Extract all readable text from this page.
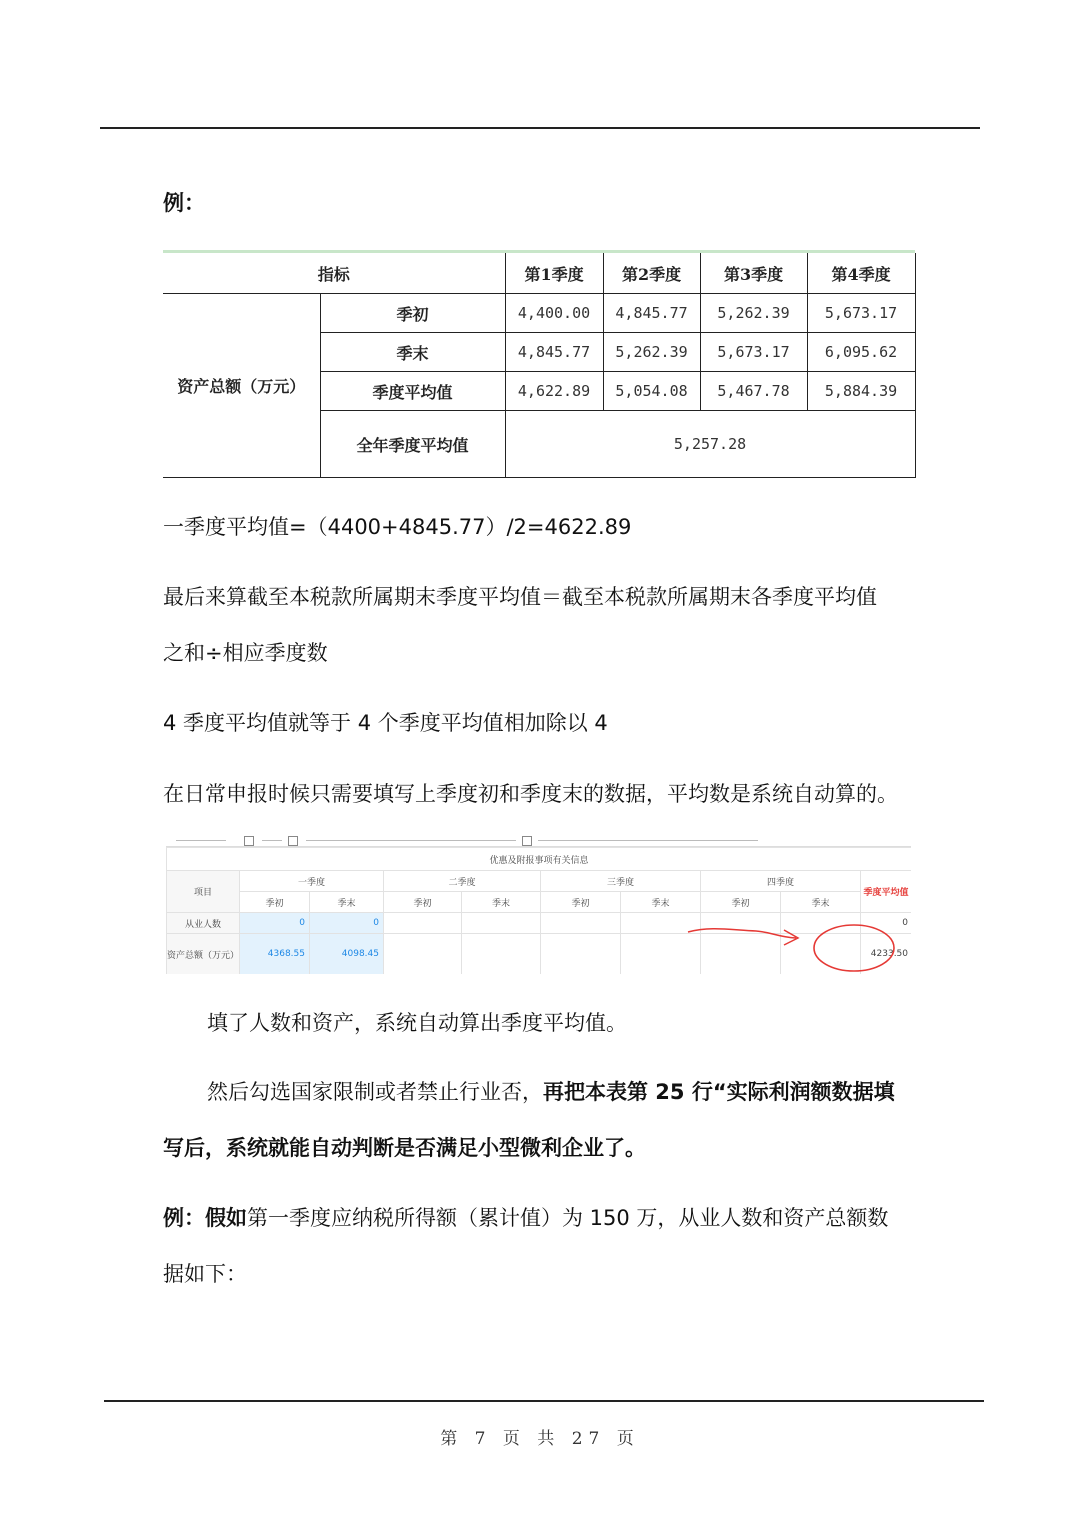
例：
指标		第1季度	第2季度	第3季度	第4季度
资产总额（万元）	季初	4,400.00	4,845.77	5,262.39	5,673.17
	季末	4,845.77	5,262.39	5,673.17	6,095.62
	季度平均值	4,622.89	5,054.08	5,467.78	5,884.39
	全年季度平均值	5,257.28			
一季度平均值=（4400+4845.77）/2=4622.89
最后来算截至本税款所属期末季度平均值＝截至本税款所属期末各季度平均值
之和÷相应季度数
4 季度平均值就等于 4 个季度平均值相加除以 4
在日常申报时候只需要填写上季度初和季度末的数据，平均数是系统自动算的。
优惠及附报事项有关信息									
项目	一季度		二季度		三季度		四季度		季度平均值
	季初	季末	季初	季末	季初	季末	季初	季末	
从业人数	0	0							0
资产总额（万元）	4368.55	4098.45							4233.50
填了人数和资产，系统自动算出季度平均值。
然后勾选国家限制或者禁止行业否，再把本表第 25 行“实际利润额数据填
写后，系统就能自动判断是否满足小型微利企业了。
例：假如第一季度应纳税所得额（累计值）为 150 万，从业人数和资产总额数
据如下：
第 7 页 共 27 页
